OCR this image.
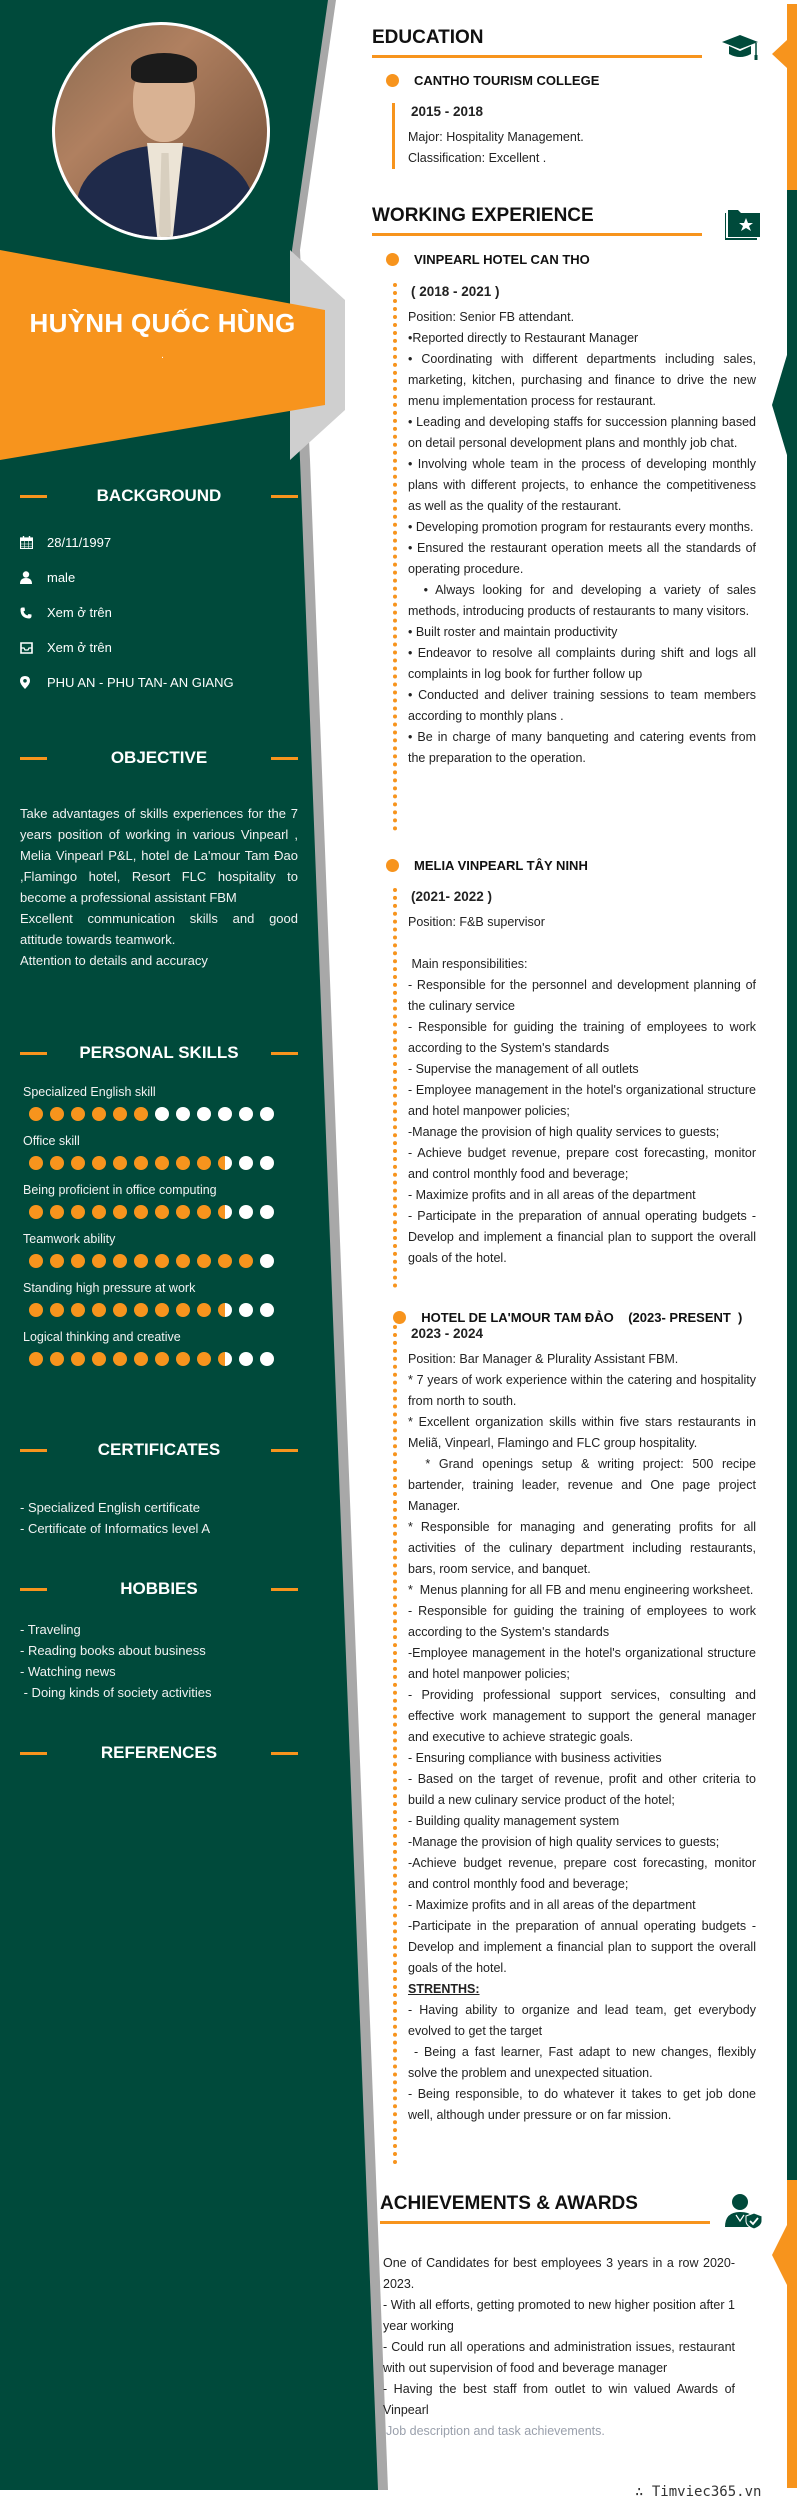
HUỲNH QUỐC HÙNG
.
BACKGROUND
28/11/1997
male
Xem ở trên
Xem ở trên
PHU AN - PHU TAN- AN GIANG
OBJECTIVE
Take advantages of skills experiences for the 7 years position of working in various Vinpearl , Melia Vinpearl P&L, hotel de La'mour Tam Đao ,Flamingo hotel, Resort FLC hospitality to become a professional assistant FBM
Excellent communication skills and good attitude towards teamwork.
Attention to details and accuracy
PERSONAL SKILLS
Specialized English skill
Office skill
Being proficient in office computing
Teamwork ability
Standing high pressure at work
Logical thinking and creative
CERTIFICATES
- Specialized English certificate
- Certificate of Informatics level A
HOBBIES
- Traveling
- Reading books about business
- Watching news
- Doing kinds of society activities
REFERENCES
EDUCATION
CANTHO TOURISM COLLEGE
2015 - 2018
Major: Hospitality Management.
Classification: Excellent .
WORKING EXPERIENCE
VINPEARL HOTEL CAN THO
( 2018 - 2021 )
Position: Senior FB attendant.
•Reported directly to Restaurant Manager
• Coordinating with different departments including sales, marketing, kitchen, purchasing and finance to drive the new menu implementation process for restaurant.
• Leading and developing staffs for succession planning based on detail personal development plans and monthly job chat.
• Involving whole team in the process of developing monthly plans with different projects, to enhance the competitiveness as well as the quality of the restaurant.
• Developing promotion program for restaurants every months.
• Ensured the restaurant operation meets all the standards of operating procedure.
• Always looking for and developing a variety of sales methods, introducing products of restaurants to many visitors.
• Built roster and maintain productivity
• Endeavor to resolve all complaints during shift and logs all complaints in log book for further follow up
• Conducted and deliver training sessions to team members according to monthly plans .
• Be in charge of many banqueting and catering events from the preparation to the operation.
MELIA VINPEARL TÂY NINH
(2021- 2022 )
Position: F&B supervisor
Main responsibilities:
- Responsible for the personnel and development planning of the culinary service
- Responsible for guiding the training of employees to work according to the System's standards
- Supervise the management of all outlets
- Employee management in the hotel's organizational structure and hotel manpower policies;
-Manage the provision of high quality services to guests;
- Achieve budget revenue, prepare cost forecasting, monitor and control monthly food and beverage;
- Maximize profits and in all areas of the department
- Participate in the preparation of annual operating budgets - Develop and implement a financial plan to support the overall goals of the hotel.

HOTEL DE LA'MOUR TAM ĐẢO    (2023- PRESENT  )

2023 - 2024
Position: Bar Manager & Plurality Assistant FBM.
* 7 years of work experience within the catering and hospitality from north to south.
* Excellent organization skills within five stars restaurants in Meliã, Vinpearl, Flamingo and FLC group hospitality.
* Grand openings setup & writing project: 500 recipe bartender, training leader, revenue and One page project Manager.
* Responsible for managing and generating profits for all activities of the culinary department including restaurants, bars, room service, and banquet.
*  Menus planning for all FB and menu engineering worksheet.
- Responsible for guiding the training of employees to work according to the System's standards
-Employee management in the hotel's organizational structure and hotel manpower policies;
- Providing professional support services, consulting and effective work management to support the general manager and executive to achieve strategic goals.
- Ensuring compliance with business activities
- Based on the target of revenue, profit and other criteria to build a new culinary service product of the hotel;
- Building quality management system
-Manage the provision of high quality services to guests;
-Achieve budget revenue, prepare cost forecasting, monitor and control monthly food and beverage;
- Maximize profits and in all areas of the department
-Participate in the preparation of annual operating budgets - Develop and implement a financial plan to support the overall goals of the hotel.
STRENTHS:
- Having ability to organize and lead team, get everybody evolved to get the target
- Being a fast learner, Fast adapt to new changes, flexibly solve the problem and unexpected situation.
- Being responsible, to do whatever it takes to get job done well, although under pressure or on far mission.
ACHIEVEMENTS & AWARDS
One of Candidates for best employees 3 years in a row 2020-2023.
- With all efforts, getting promoted to new higher position after 1 year working
- Could run all operations and administration issues, restaurant with out supervision of food and beverage manager
- Having the best staff from outlet to win valued Awards of Vinpearl
Job description and task achievements.
∴ Timviec365.vn
